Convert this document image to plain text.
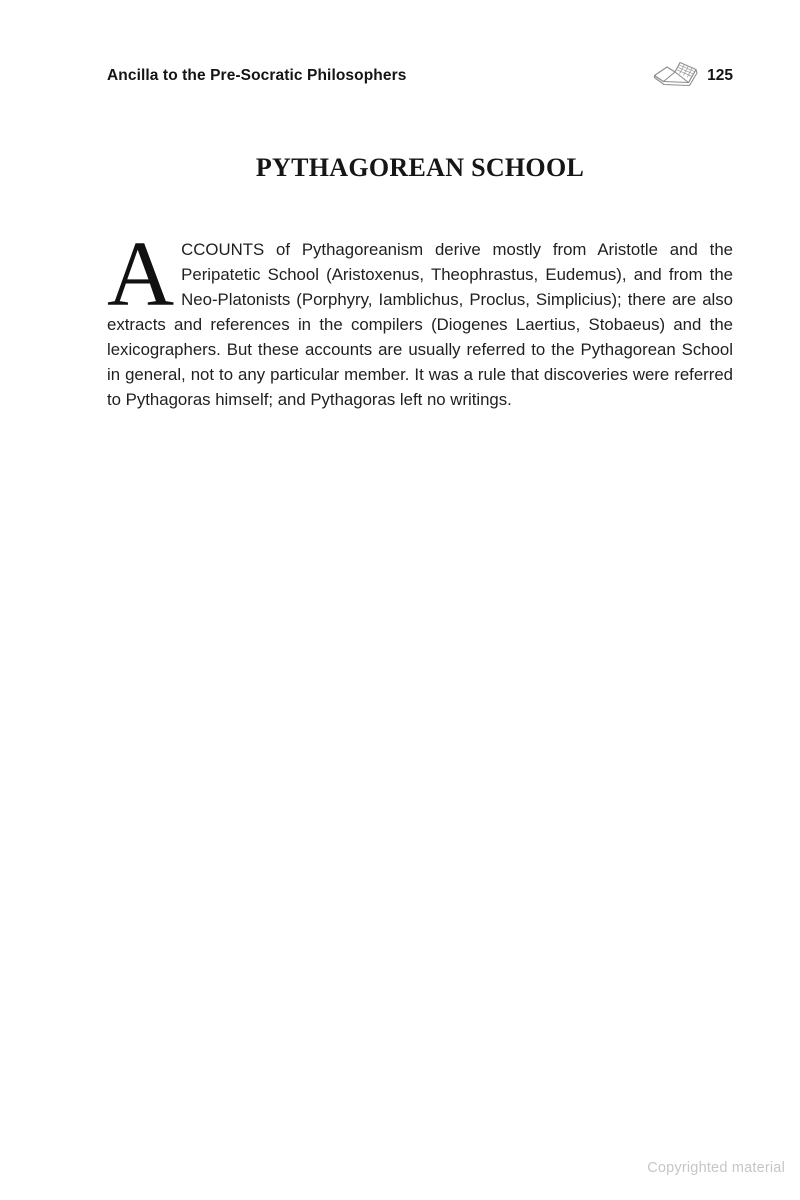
Ancilla to the Pre-Socratic Philosophers	125
PYTHAGOREAN SCHOOL
ACCOUNTS of Pythagoreanism derive mostly from Aristotle and the Peripatetic School (Aristoxenus, Theophrastus, Eudemus), and from the Neo-Platonists (Porphyry, Iamblichus, Proclus, Simplicius); there are also extracts and references in the compilers (Diogenes Laertius, Stobaeus) and the lexicographers. But these accounts are usually referred to the Pythagorean School in general, not to any particular member. It was a rule that discoveries were referred to Pythagoras himself; and Pythagoras left no writings.
Copyrighted material
